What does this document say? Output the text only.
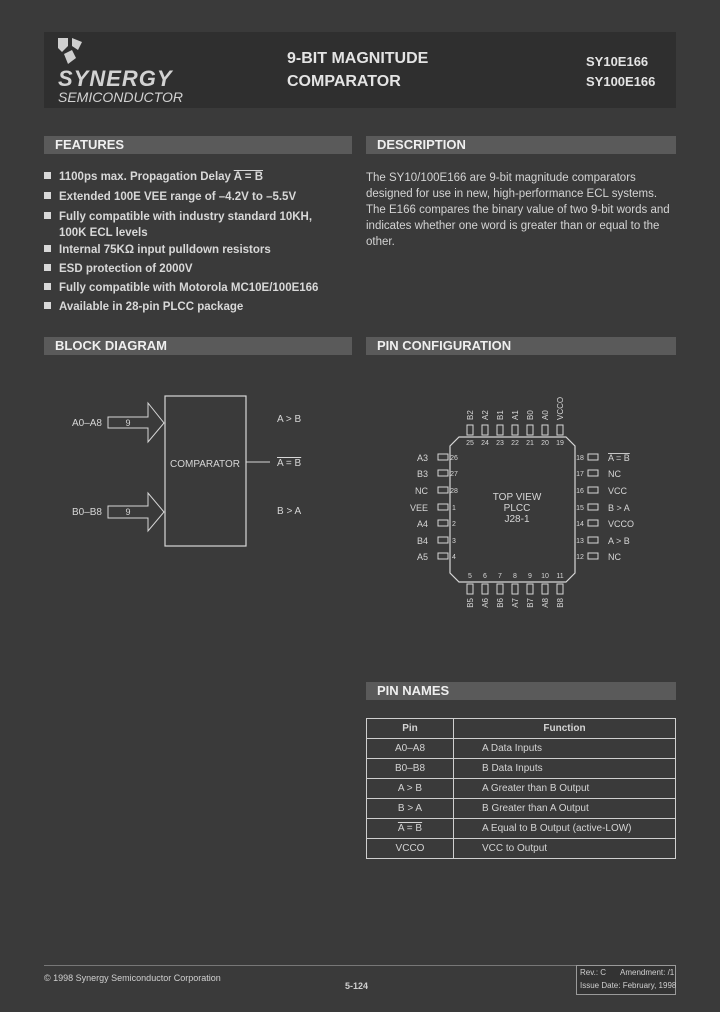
SYNERGY
SEMICONDUCTOR
9-BIT MAGNITUDE
COMPARATOR
SY10E166
SY100E166
FEATURES
1100ps max. Propagation Delay A = B
Extended 100E VEE range of –4.2V to –5.5V
Fully compatible with industry standard 10KH,
100K ECL levels
Internal 75KΩ input pulldown resistors
ESD protection of 2000V
Fully compatible with Motorola MC10E/100E166
Available in 28-pin PLCC package
DESCRIPTION
The SY10/100E166 are 9-bit magnitude comparators designed for use in new, high-performance ECL systems. The E166 compares the binary value of two 9-bit words and indicates whether one word is greater than or equal to the other.
BLOCK DIAGRAM
COMPARATOR
9
A0–A8
9
B0–B8
A > B
A = B
B > A
PIN CONFIGURATION
TOP VIEW
PLCC
J28-1
B2
25
A2
24
B1
23
A1
22
B0
21
A0
20
VCCO
19
B5
5
A6
6
B6
7
A7
8
B7
9
A8
10
B8
11
A3	26
B3	27
NC	28
VEE	1
A4	2
B4	3
A5	4
A = B
18
NC
17
VCC
16
B > A
15
VCCO
14
A > B
13
NC
12
PIN NAMES
Pin	Function
A0–A8	A Data Inputs
B0–B8	B Data Inputs
A > B	A Greater than B Output
B > A	B Greater than A Output
A = B	A Equal to B Output (active-LOW)
VCCO	VCC to Output
© 1998 Synergy Semiconductor Corporation
5-124
Rev.: C Amendment: /1
Issue Date: February, 1998
